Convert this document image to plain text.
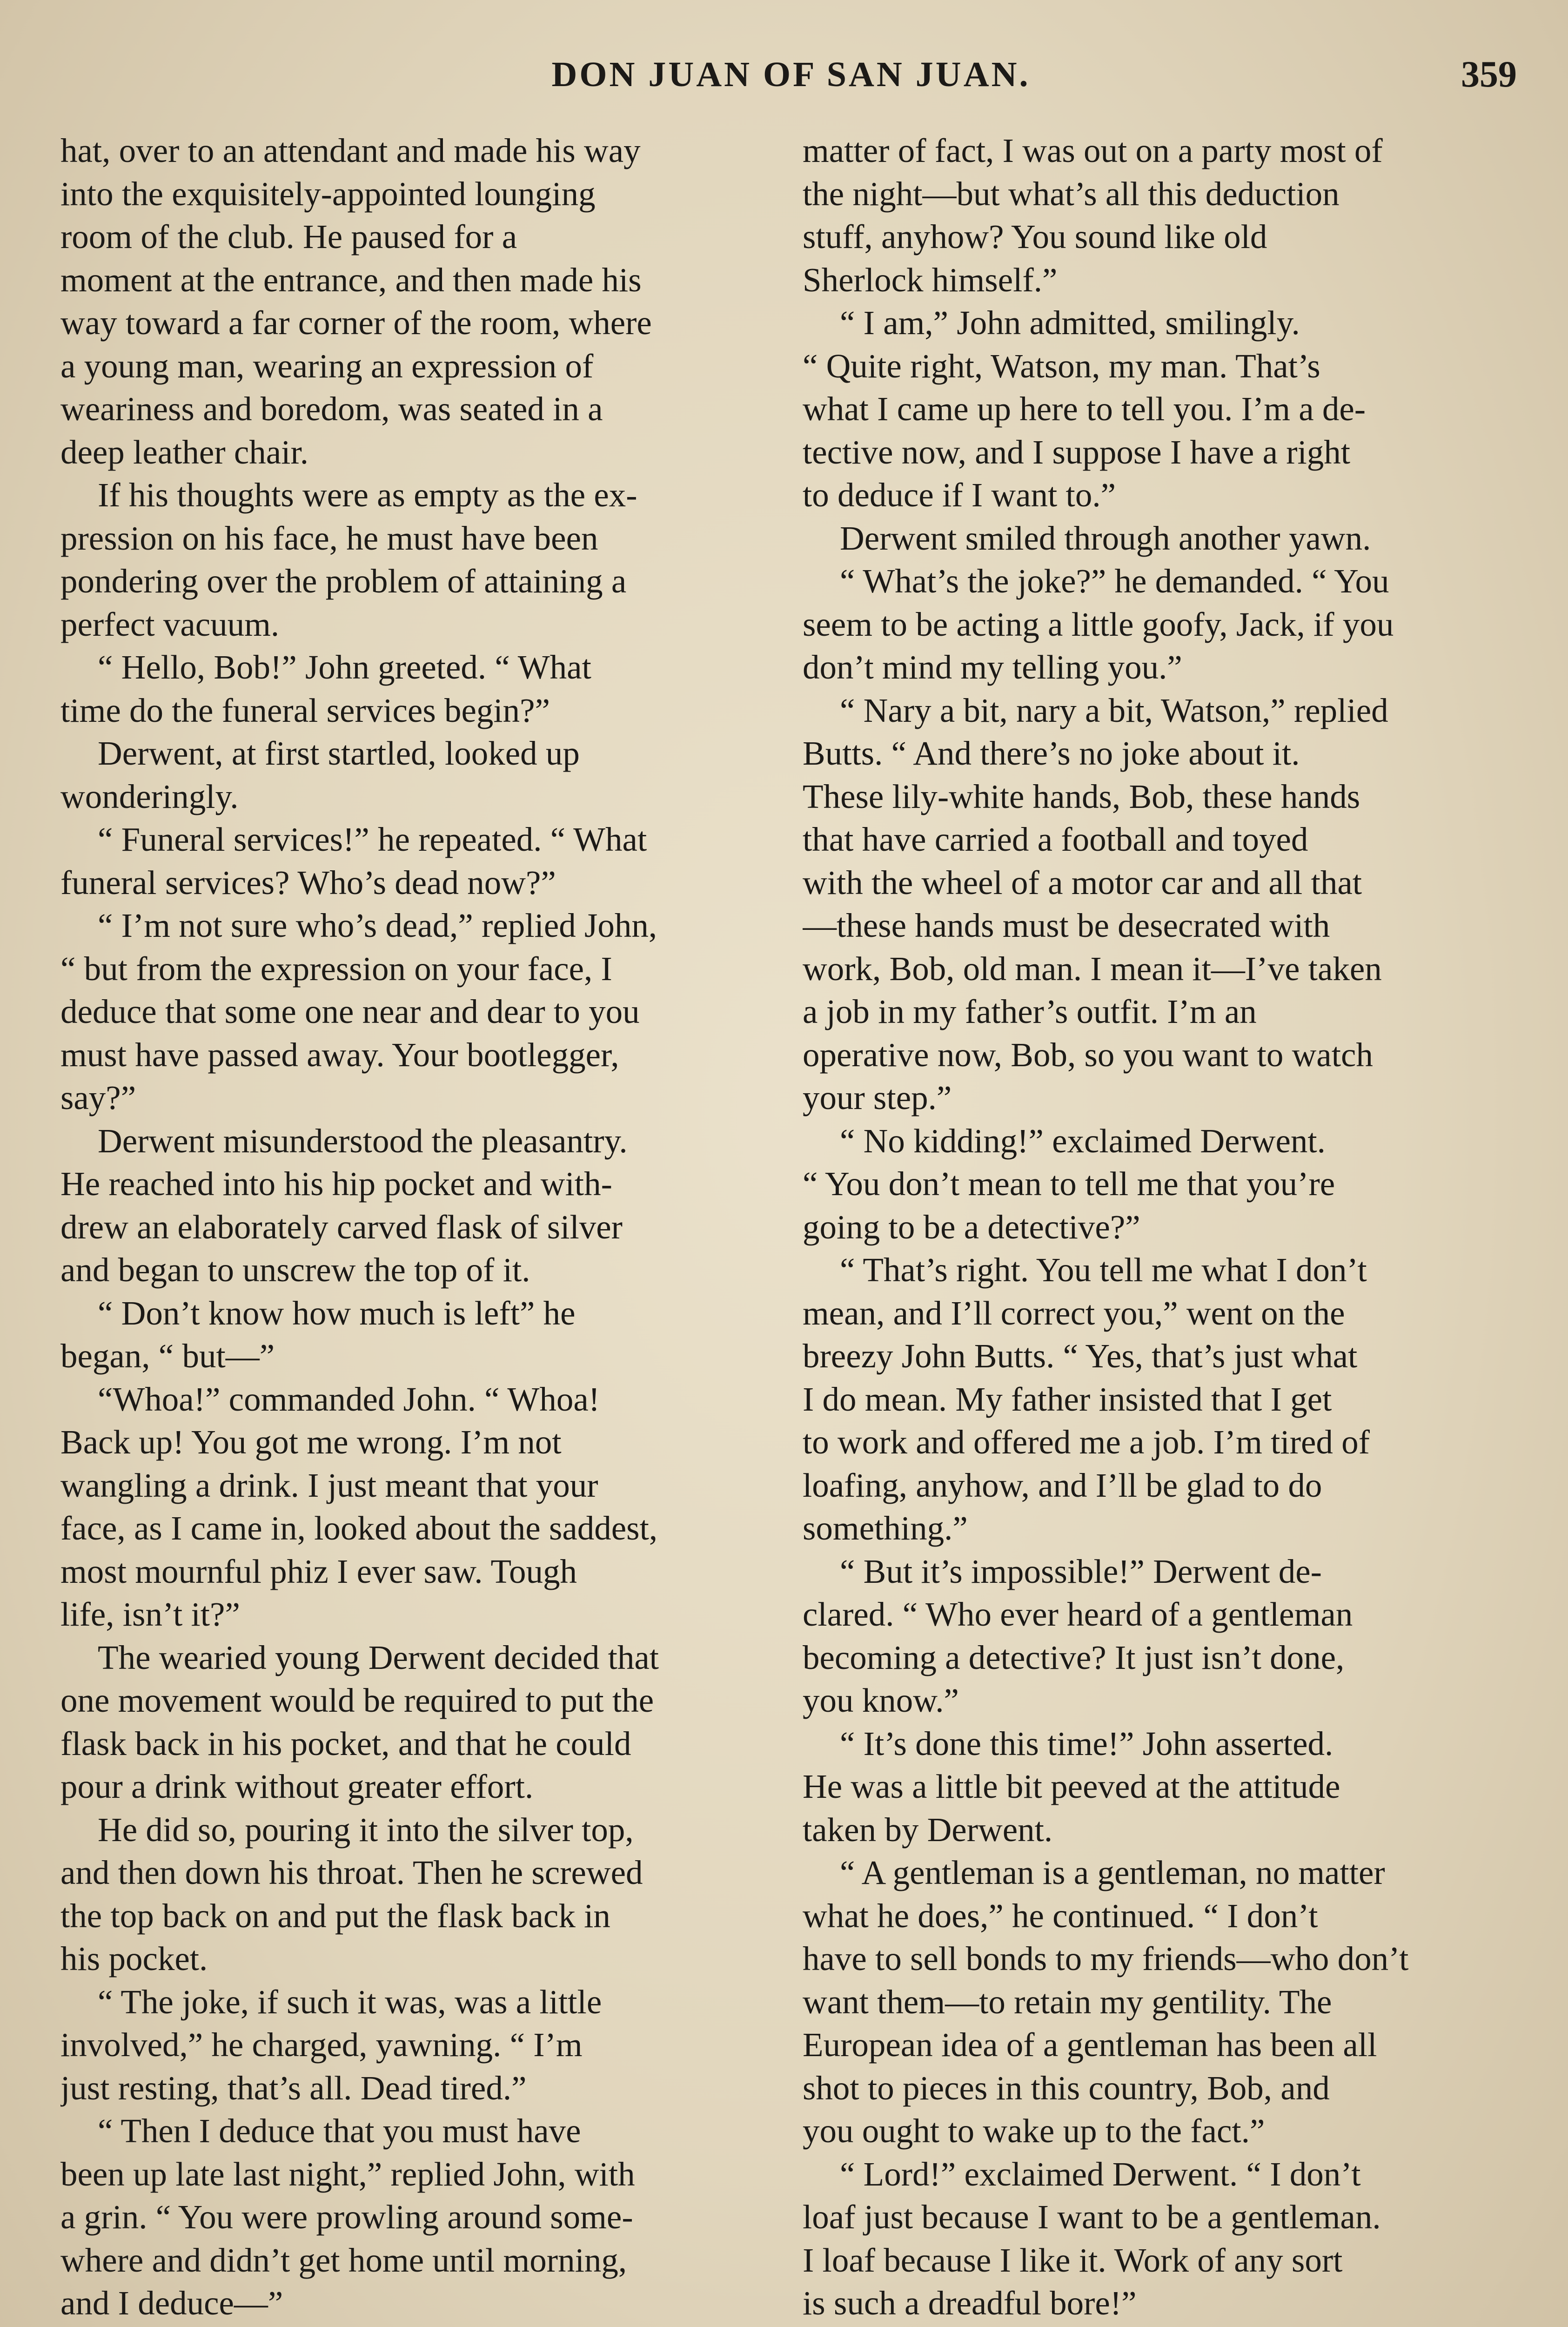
DON JUAN OF SAN JUAN.	359
hat, over to an attendant and made his way
into the exquisitely-appointed lounging
room of the club. He paused for a
moment at the entrance, and then made his
way toward a far corner of the room, where
a young man, wearing an expression of
weariness and boredom, was seated in a
deep leather chair.
If his thoughts were as empty as the ex-
pression on his face, he must have been
pondering over the problem of attaining a
perfect vacuum.
“ Hello, Bob!” John greeted. “ What
time do the funeral services begin?”
Derwent, at first startled, looked up
wonderingly.
“ Funeral services!” he repeated. “ What
funeral services? Who’s dead now?”
“ I’m not sure who’s dead,” replied John,
“ but from the expression on your face, I
deduce that some one near and dear to you
must have passed away. Your bootlegger,
say?”
Derwent misunderstood the pleasantry.
He reached into his hip pocket and with-
drew an elaborately carved flask of silver
and began to unscrew the top of it.
“ Don’t know how much is left” he
began, “ but—”
“Whoa!” commanded John. “ Whoa!
Back up! You got me wrong. I’m not
wangling a drink. I just meant that your
face, as I came in, looked about the saddest,
most mournful phiz I ever saw. Tough
life, isn’t it?”
The wearied young Derwent decided that
one movement would be required to put the
flask back in his pocket, and that he could
pour a drink without greater effort.
He did so, pouring it into the silver top,
and then down his throat. Then he screwed
the top back on and put the flask back in
his pocket.
“ The joke, if such it was, was a little
involved,” he charged, yawning. “ I’m
just resting, that’s all. Dead tired.”
“ Then I deduce that you must have
been up late last night,” replied John, with
a grin. “ You were prowling around some-
where and didn’t get home until morning,
and I deduce—”
matter of fact, I was out on a party most of
the night—but what’s all this deduction
stuff, anyhow? You sound like old
Sherlock himself.”
“ I am,” John admitted, smilingly.
“ Quite right, Watson, my man. That’s
what I came up here to tell you. I’m a de-
tective now, and I suppose I have a right
to deduce if I want to.”
Derwent smiled through another yawn.
“ What’s the joke?” he demanded. “ You
seem to be acting a little goofy, Jack, if you
don’t mind my telling you.”
“ Nary a bit, nary a bit, Watson,” replied
Butts. “ And there’s no joke about it.
These lily-white hands, Bob, these hands
that have carried a football and toyed
with the wheel of a motor car and all that
—these hands must be desecrated with
work, Bob, old man. I mean it—I’ve taken
a job in my father’s outfit. I’m an
operative now, Bob, so you want to watch
your step.”
“ No kidding!” exclaimed Derwent.
“ You don’t mean to tell me that you’re
going to be a detective?”
“ That’s right. You tell me what I don’t
mean, and I’ll correct you,” went on the
breezy John Butts. “ Yes, that’s just what
I do mean. My father insisted that I get
to work and offered me a job. I’m tired of
loafing, anyhow, and I’ll be glad to do
something.”
“ But it’s impossible!” Derwent de-
clared. “ Who ever heard of a gentleman
becoming a detective? It just isn’t done,
you know.”
“ It’s done this time!” John asserted.
He was a little bit peeved at the attitude
taken by Derwent.
“ A gentleman is a gentleman, no matter
what he does,” he continued. “ I don’t
have to sell bonds to my friends—who don’t
want them—to retain my gentility. The
European idea of a gentleman has been all
shot to pieces in this country, Bob, and
you ought to wake up to the fact.”
“ Lord!” exclaimed Derwent. “ I don’t
loaf just because I want to be a gentleman.
I loaf because I like it. Work of any sort
is such a dreadful bore!”
